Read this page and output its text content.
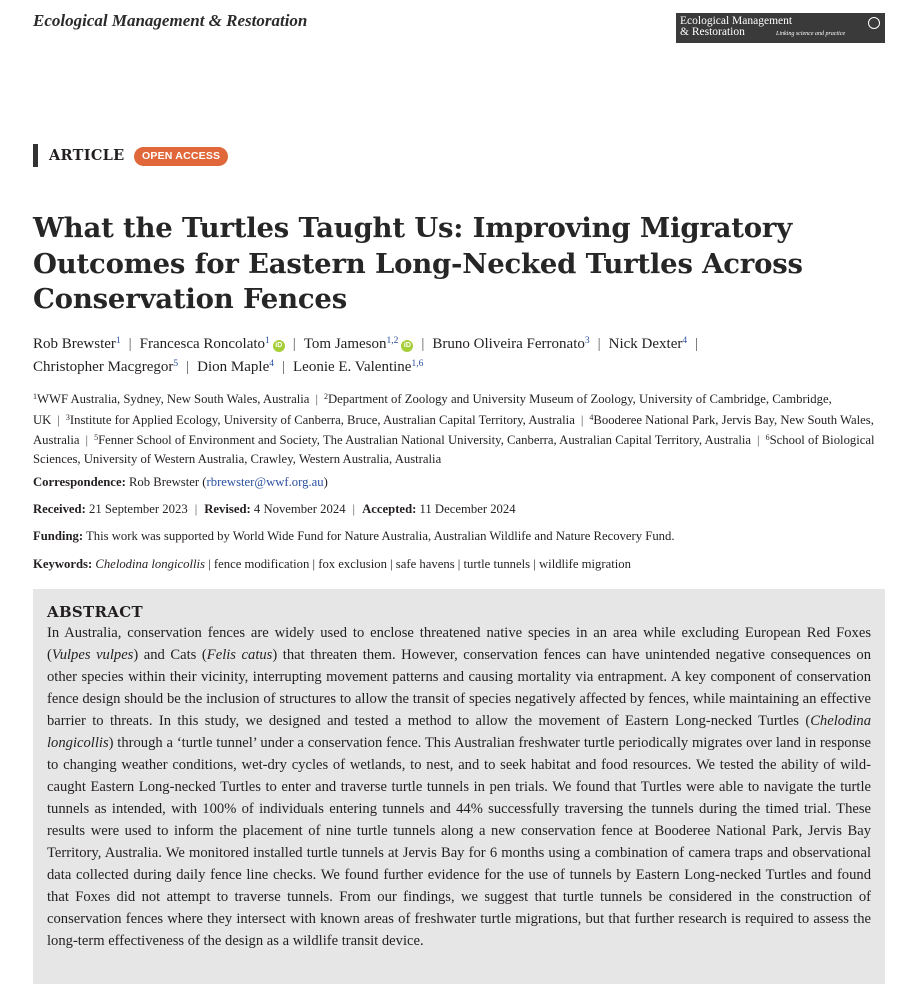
Ecological Management & Restoration	Ecological Management
& Restoration	Linking science and practice
ARTICLE	OPEN ACCESS
What the Turtles Taught Us: Improving Migratory Outcomes for Eastern Long-Necked Turtles Across Conservation Fences
Rob Brewster$^1$ | Francesca Roncolato$^1$ iD | Tom Jameson$^{1,2}$ iD | Bruno Oliveira Ferronato$^3$ | Nick Dexter$^4$ |
Christopher Macgregor$^5$ | Dion Maple$^4$ | Leonie E. Valentine$^{1,6}$
$^1$WWF Australia, Sydney, New South Wales, Australia | $^2$Department of Zoology and University Museum of Zoology, University of Cambridge, Cambridge, UK | $^3$Institute for Applied Ecology, University of Canberra, Bruce, Australian Capital Territory, Australia | $^4$Booderee National Park, Jervis Bay, New South Wales, Australia | $^5$Fenner School of Environment and Society, The Australian National University, Canberra, Australian Capital Territory, Australia | $^6$School of Biological Sciences, University of Western Australia, Crawley, Western Australia, Australia
Correspondence: Rob Brewster (rbrewster@wwf.org.au)
Received: 21 September 2023 | Revised: 4 November 2024 | Accepted: 11 December 2024
Funding: This work was supported by World Wide Fund for Nature Australia, Australian Wildlife and Nature Recovery Fund.
Keywords: Chelodina longicollis | fence modification | fox exclusion | safe havens | turtle tunnels | wildlife migration
ABSTRACT

In Australia, conservation fences are widely used to enclose threatened native species in an area while excluding European Red Foxes (Vulpes vulpes) and Cats (Felis catus) that threaten them. However, conservation fences can have unintended negative consequences on other species within their vicinity, interrupting movement patterns and causing mortality via entrapment. A key component of conservation fence design should be the inclusion of structures to allow the transit of species negatively affected by fences, while maintaining an effective barrier to threats. In this study, we designed and tested a method to allow the movement of Eastern Long-necked Turtles (Chelodina longicollis) through a ‘turtle tunnel’ under a conservation fence. This Australian freshwater turtle periodically migrates over land in response to changing weather conditions, wet-dry cycles of wetlands, to nest, and to seek habitat and food resources. We tested the ability of wild-caught Eastern Long-necked Turtles to enter and traverse turtle tunnels in pen trials. We found that Turtles were able to navigate the turtle tunnels as intended, with 100% of individuals entering tunnels and 44% successfully traversing the tunnels during the timed trial. These results were used to inform the placement of nine turtle tunnels along a new conservation fence at Booderee National Park, Jervis Bay Territory, Australia. We monitored installed turtle tunnels at Jervis Bay for 6 months using a combination of camera traps and observational data collected during daily fence line checks. We found further evidence for the use of tunnels by Eastern Long-necked Turtles and found that Foxes did not attempt to traverse tunnels. From our findings, we suggest that turtle tunnels be considered in the construction of conservation fences where they intersect with known areas of freshwater turtle migrations, but that further research is required to assess the long-term effectiveness of the design as a wildlife transit device.
